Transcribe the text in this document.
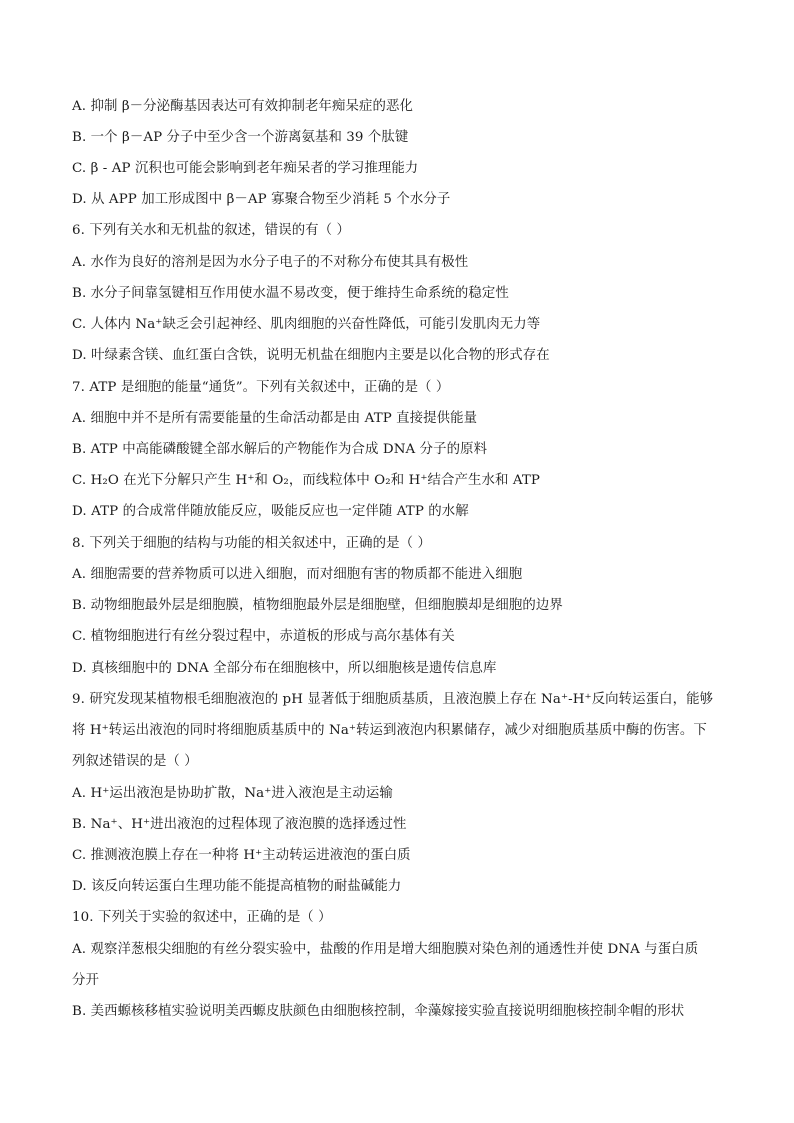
A. 抑制 β－分泌酶基因表达可有效抑制老年痴呆症的恶化
B. 一个 β－AP 分子中至少含一个游离氨基和 39 个肽键
C. β - AP 沉积也可能会影响到老年痴呆者的学习推理能力
D. 从 APP 加工形成图中 β－AP 寡聚合物至少消耗 5 个水分子
6. 下列有关水和无机盐的叙述，错误的有（ ）
A. 水作为良好的溶剂是因为水分子电子的不对称分布使其具有极性
B. 水分子间靠氢键相互作用使水温不易改变，便于维持生命系统的稳定性
C. 人体内 Na⁺缺乏会引起神经、肌肉细胞的兴奋性降低，可能引发肌肉无力等
D. 叶绿素含镁、血红蛋白含铁，说明无机盐在细胞内主要是以化合物的形式存在
7. ATP 是细胞的能量“通货”。下列有关叙述中，正确的是（ ）
A. 细胞中并不是所有需要能量的生命活动都是由 ATP 直接提供能量
B. ATP 中高能磷酸键全部水解后的产物能作为合成 DNA 分子的原料
C. H₂O 在光下分解只产生 H⁺和 O₂，而线粒体中 O₂和 H⁺结合产生水和 ATP
D. ATP 的合成常伴随放能反应，吸能反应也一定伴随 ATP 的水解
8. 下列关于细胞的结构与功能的相关叙述中，正确的是（ ）
A. 细胞需要的营养物质可以进入细胞，而对细胞有害的物质都不能进入细胞
B. 动物细胞最外层是细胞膜，植物细胞最外层是细胞壁，但细胞膜却是细胞的边界
C. 植物细胞进行有丝分裂过程中，赤道板的形成与高尔基体有关
D. 真核细胞中的 DNA 全部分布在细胞核中，所以细胞核是遗传信息库
9. 研究发现某植物根毛细胞液泡的 pH 显著低于细胞质基质，且液泡膜上存在 Na⁺-H⁺反向转运蛋白，能够
将 H⁺转运出液泡的同时将细胞质基质中的 Na⁺转运到液泡内积累储存，减少对细胞质基质中酶的伤害。下
列叙述错误的是（ ）
A. H⁺运出液泡是协助扩散，Na⁺进入液泡是主动运输
B. Na⁺、H⁺进出液泡的过程体现了液泡膜的选择透过性
C. 推测液泡膜上存在一种将 H⁺主动转运进液泡的蛋白质
D. 该反向转运蛋白生理功能不能提高植物的耐盐碱能力
10. 下列关于实验的叙述中，正确的是（ ）
A. 观察洋葱根尖细胞的有丝分裂实验中，盐酸的作用是增大细胞膜对染色剂的通透性并使 DNA 与蛋白质
分开
B. 美西螈核移植实验说明美西螈皮肤颜色由细胞核控制，伞藻嫁接实验直接说明细胞核控制伞帽的形状
